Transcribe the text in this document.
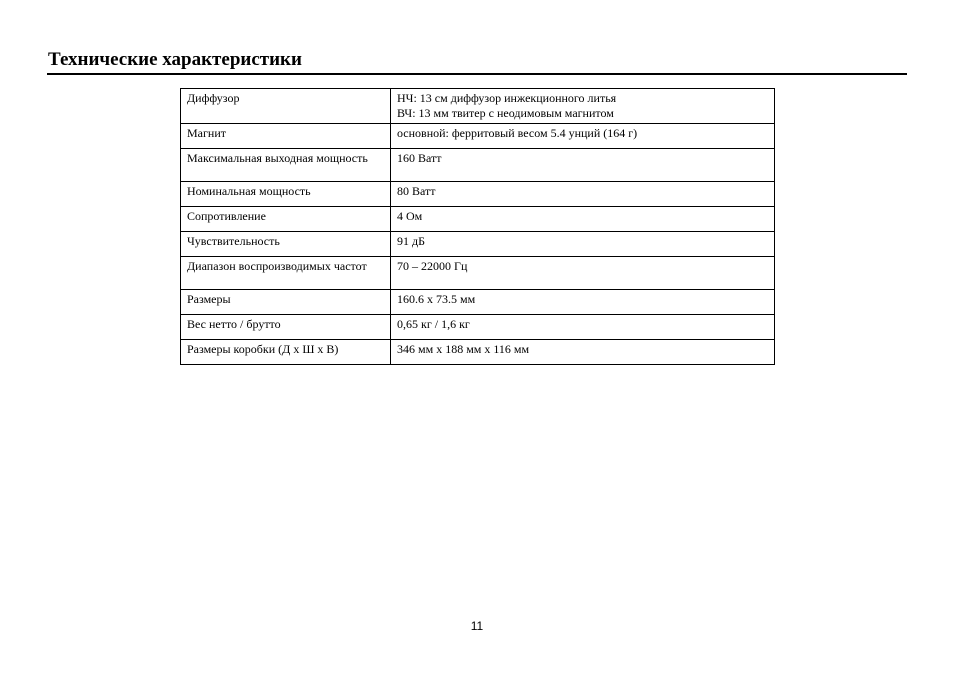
Технические характеристики
Диффузор	НЧ: 13 см диффузор инжекционного литья
ВЧ: 13 мм твитер с неодимовым магнитом

Магнит	основной: ферритовый весом 5.4 унций (164 г)

Максимальная выходная мощность	160 Ватт

Номинальная мощность	80 Ватт

Сопротивление	4 Ом

Чувствительность	91 дБ

Диапазон воспроизводимых частот	70 – 22000 Гц

Размеры	160.6 x 73.5 мм

Вес нетто / брутто	0,65 кг / 1,6 кг

Размеры коробки (Д x Ш x В)	346 мм x 188 мм x 116 мм
11
